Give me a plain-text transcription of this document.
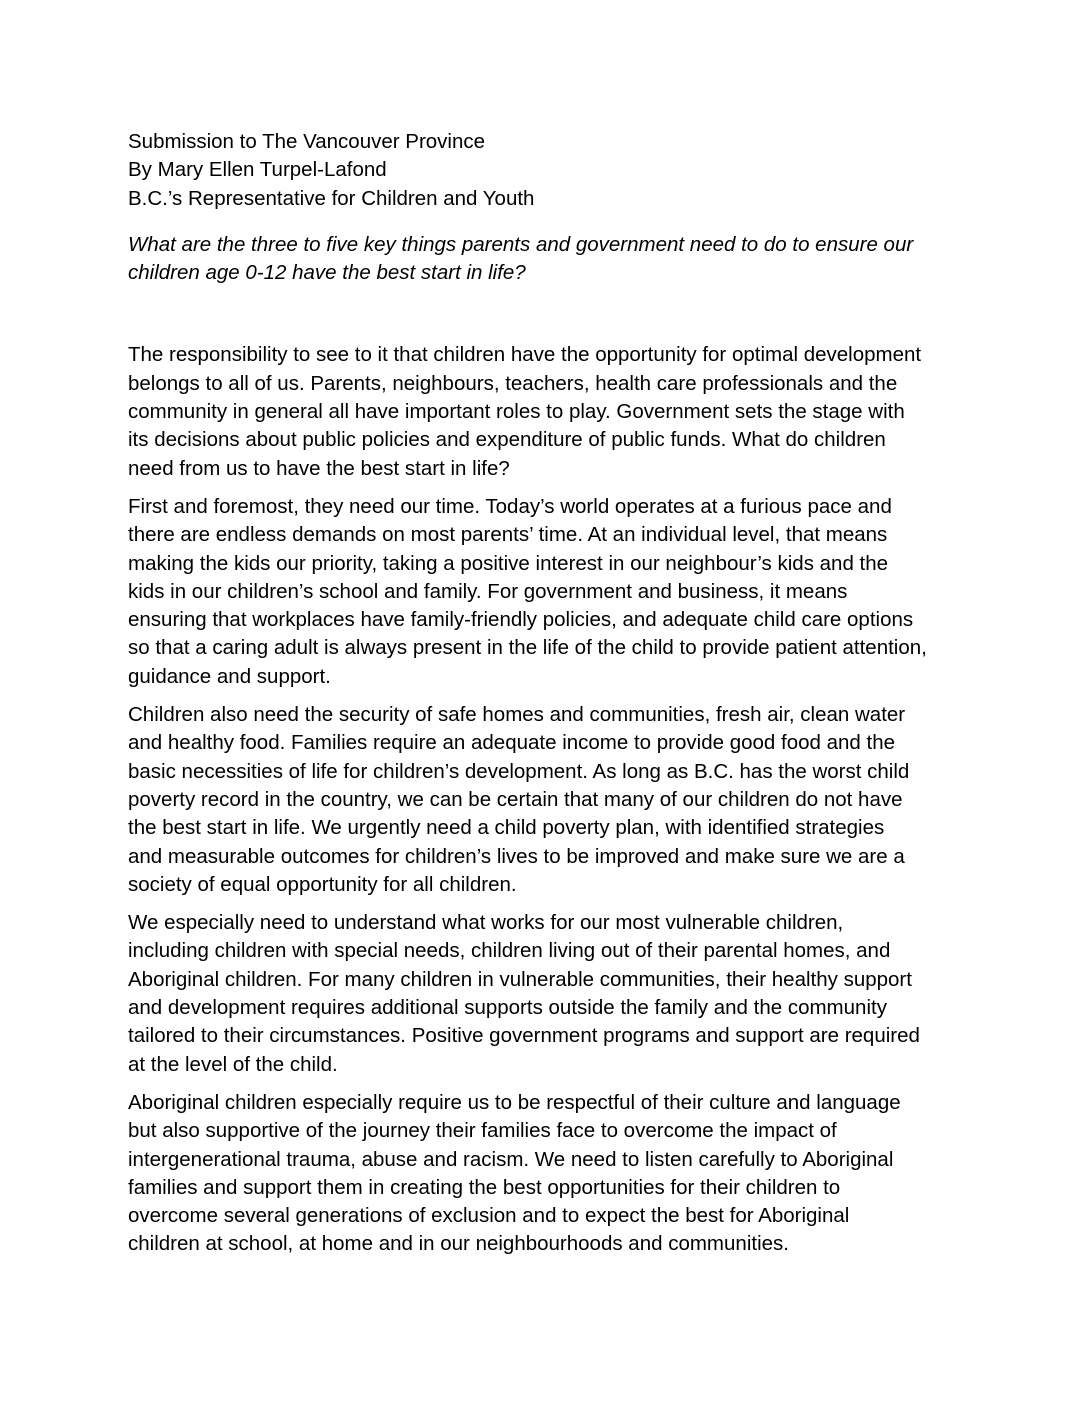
Submission to The Vancouver Province
By Mary Ellen Turpel-Lafond
B.C.’s Representative for Children and Youth
What are the three to five key things parents and government need to do to ensure our
children age 0-12 have the best start in life?

The responsibility to see to it that children have the opportunity for optimal development
belongs to all of us. Parents, neighbours, teachers, health care professionals and the
community in general all have important roles to play. Government sets the stage with
its decisions about public policies and expenditure of public funds. What do children
need from us to have the best start in life?

First and foremost, they need our time. Today’s world operates at a furious pace and
there are endless demands on most parents’ time. At an individual level, that means
making the kids our priority, taking a positive interest in our neighbour’s kids and the
kids in our children’s school and family. For government and business, it means
ensuring that workplaces have family-friendly policies, and adequate child care options
so that a caring adult is always present in the life of the child to provide patient attention,
guidance and support.

Children also need the security of safe homes and communities, fresh air, clean water
and healthy food. Families require an adequate income to provide good food and the
basic necessities of life for children’s development. As long as B.C. has the worst child
poverty record in the country, we can be certain that many of our children do not have
the best start in life. We urgently need a child poverty plan, with identified strategies
and measurable outcomes for children’s lives to be improved and make sure we are a
society of equal opportunity for all children.

We especially need to understand what works for our most vulnerable children,
including children with special needs, children living out of their parental homes, and
Aboriginal children. For many children in vulnerable communities, their healthy support
and development requires additional supports outside the family and the community
tailored to their circumstances. Positive government programs and support are required
at the level of the child.

Aboriginal children especially require us to be respectful of their culture and language
but also supportive of the journey their families face to overcome the impact of
intergenerational trauma, abuse and racism. We need to listen carefully to Aboriginal
families and support them in creating the best opportunities for their children to
overcome several generations of exclusion and to expect the best for Aboriginal
children at school, at home and in our neighbourhoods and communities.
